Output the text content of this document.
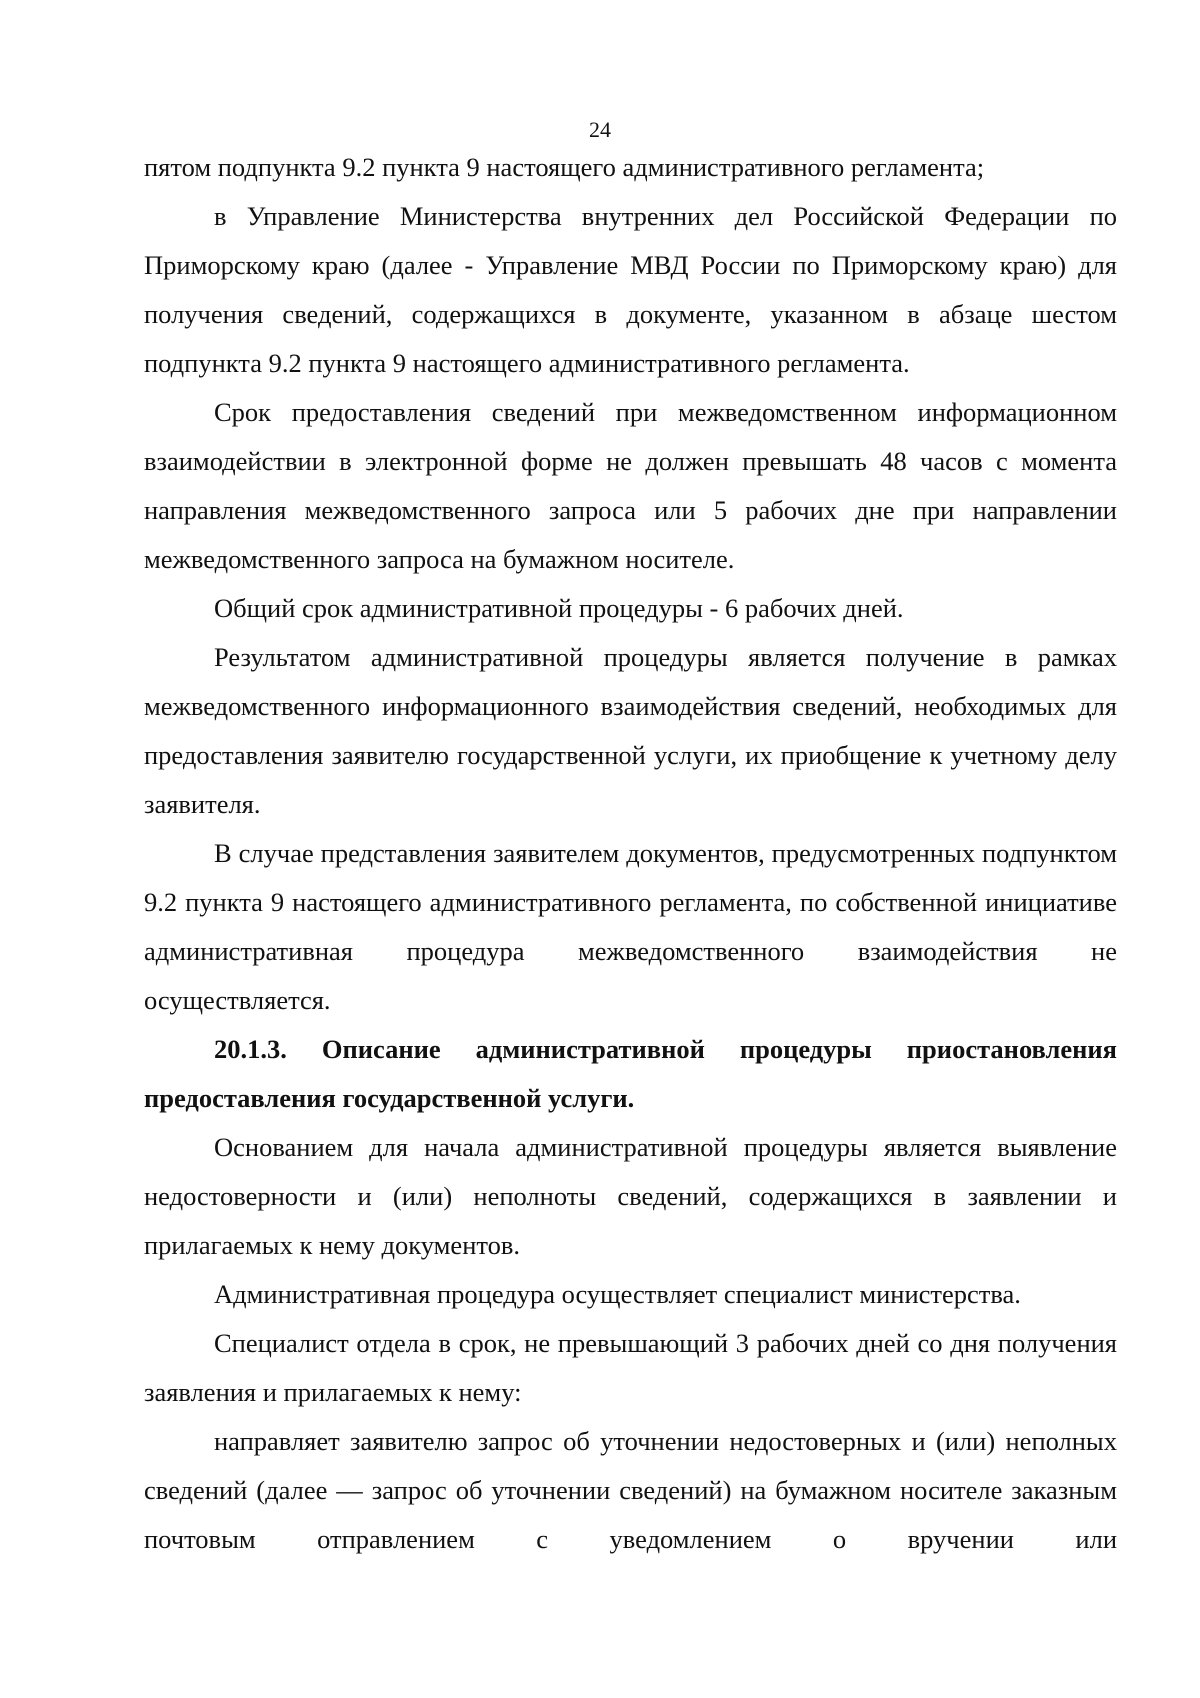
24

пятом подпункта 9.2 пункта 9 настоящего административного регламента;

в Управление Министерства внутренних дел Российской Федерации по Приморскому краю (далее - Управление МВД России по Приморскому краю) для получения сведений, содержащихся в документе, указанном в абзаце шестом подпункта 9.2 пункта 9 настоящего административного регламента.

Срок предоставления сведений при межведомственном информационном взаимодействии в электронной форме не должен превышать 48 часов с момента направления межведомственного запроса или 5 рабочих дне при направлении межведомственного запроса на бумажном носителе.

Общий срок административной процедуры - 6 рабочих дней.

Результатом административной процедуры является получение в рамках межведомственного информационного взаимодействия сведений, необходимых для предоставления заявителю государственной услуги, их приобщение к учетному делу заявителя.

В случае представления заявителем документов, предусмотренных подпунктом 9.2 пункта 9 настоящего административного регламента, по собственной инициативе административная процедура межведомственного взаимодействия не осуществляется.

20.1.3. Описание административной процедуры приостановления предоставления государственной услуги.

Основанием для начала административной процедуры является выявление недостоверности и (или) неполноты сведений, содержащихся в заявлении и прилагаемых к нему документов.

Административная процедура осуществляет специалист министерства.

Специалист отдела в срок, не превышающий 3 рабочих дней со дня получения заявления и прилагаемых к нему:

направляет заявителю запрос об уточнении недостоверных и (или) неполных сведений (далее — запрос об уточнении сведений) на бумажном носителе заказным почтовым отправлением с уведомлением о вручении или
